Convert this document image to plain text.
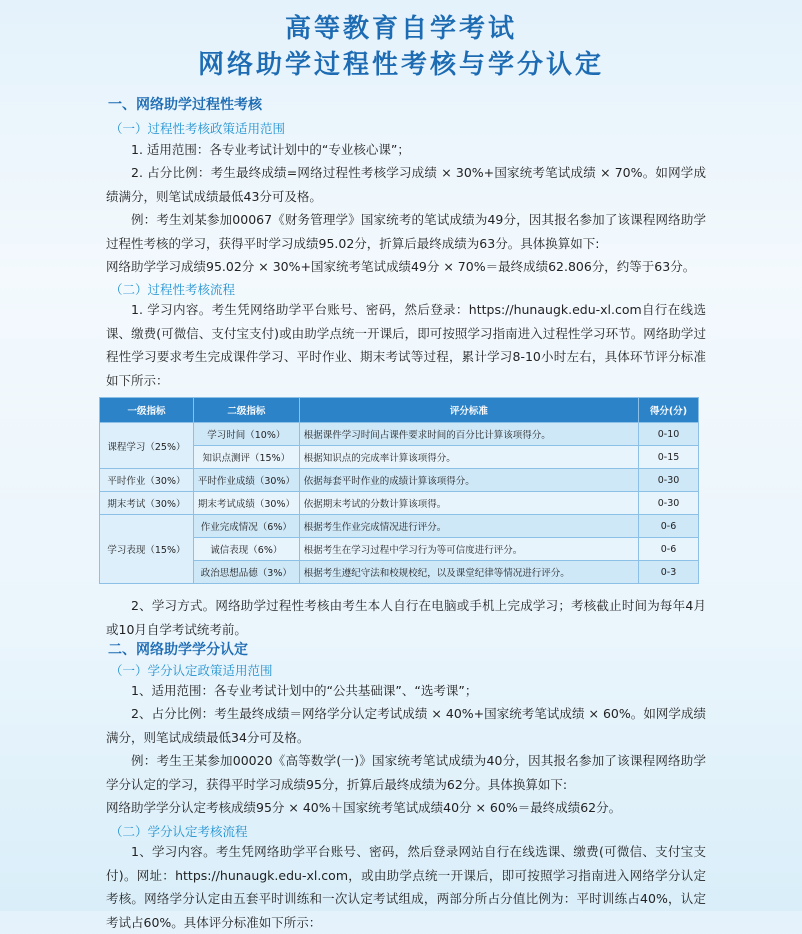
高等教育自学考试
网络助学过程性考核与学分认定
一、网络助学过程性考核
（一）过程性考核政策适用范围
1. 适用范围：各专业考试计划中的“专业核心课”；
2. 占分比例：考生最终成绩=网络过程性考核学习成绩 × 30%+国家统考笔试成绩 × 70%。如网学成绩满分，则笔试成绩最低43分可及格。
例：考生刘某参加00067《财务管理学》国家统考的笔试成绩为49分，因其报名参加了该课程网络助学过程性考核的学习，获得平时学习成绩95.02分，折算后最终成绩为63分。具体换算如下:
网络助学学习成绩95.02分 × 30%+国家统考笔试成绩49分 × 70%＝最终成绩62.806分，约等于63分。
（二）过程性考核流程
1. 学习内容。考生凭网络助学平台账号、密码，然后登录：https://hunaugk.edu-xl.com自行在线选课、缴费(可微信、支付宝支付)或由助学点统一开课后，即可按照学习指南进入过程性学习环节。网络助学过程性学习要求考生完成课件学习、平时作业、期末考试等过程，累计学习8-10小时左右，具体环节评分标准如下所示：
一级指标	二级指标	评分标准	得分(分)
课程学习（25%）	学习时间（10%）	根据课件学习时间占课件要求时间的百分比计算该项得分。	0-10
	知识点测评（15%）	根据知识点的完成率计算该项得分。	0-15
平时作业（30%）	平时作业成绩（30%）	依据每套平时作业的成绩计算该项得分。	0-30
期末考试（30%）	期末考试成绩（30%）	依据期末考试的分数计算该项得。	0-30
学习表现（15%）	作业完成情况（6%）	根据考生作业完成情况进行评分。	0-6
	诚信表现（6%）	根据考生在学习过程中学习行为等可信度进行评分。	0-6
	政治思想品德（3%）	根据考生遵纪守法和校规校纪，以及课堂纪律等情况进行评分。	0-3
2、学习方式。网络助学过程性考核由考生本人自行在电脑或手机上完成学习；考核截止时间为每年4月或10月自学考试统考前。
二、网络助学学分认定
（一）学分认定政策适用范围
1、适用范围：各专业考试计划中的“公共基础课”、“选考课”；
2、占分比例：考生最终成绩＝网络学分认定考试成绩 × 40%+国家统考笔试成绩 × 60%。如网学成绩满分，则笔试成绩最低34分可及格。
例：考生王某参加00020《高等数学(一)》国家统考笔试成绩为40分，因其报名参加了该课程网络助学学分认定的学习，获得平时学习成绩95分，折算后最终成绩为62分。具体换算如下:
网络助学学分认定考核成绩95分 × 40%＋国家统考笔试成绩40分 × 60%＝最终成绩62分。
（二）学分认定考核流程
1、学习内容。考生凭网络助学平台账号、密码，然后登录网站自行在线选课、缴费(可微信、支付宝支付)。网址：https://hunaugk.edu-xl.com，或由助学点统一开课后，即可按照学习指南进入网络学分认定考核。网络学分认定由五套平时训练和一次认定考试组成，两部分所占分值比例为：平时训练占40%，认定考试占60%。具体评分标准如下所示：
